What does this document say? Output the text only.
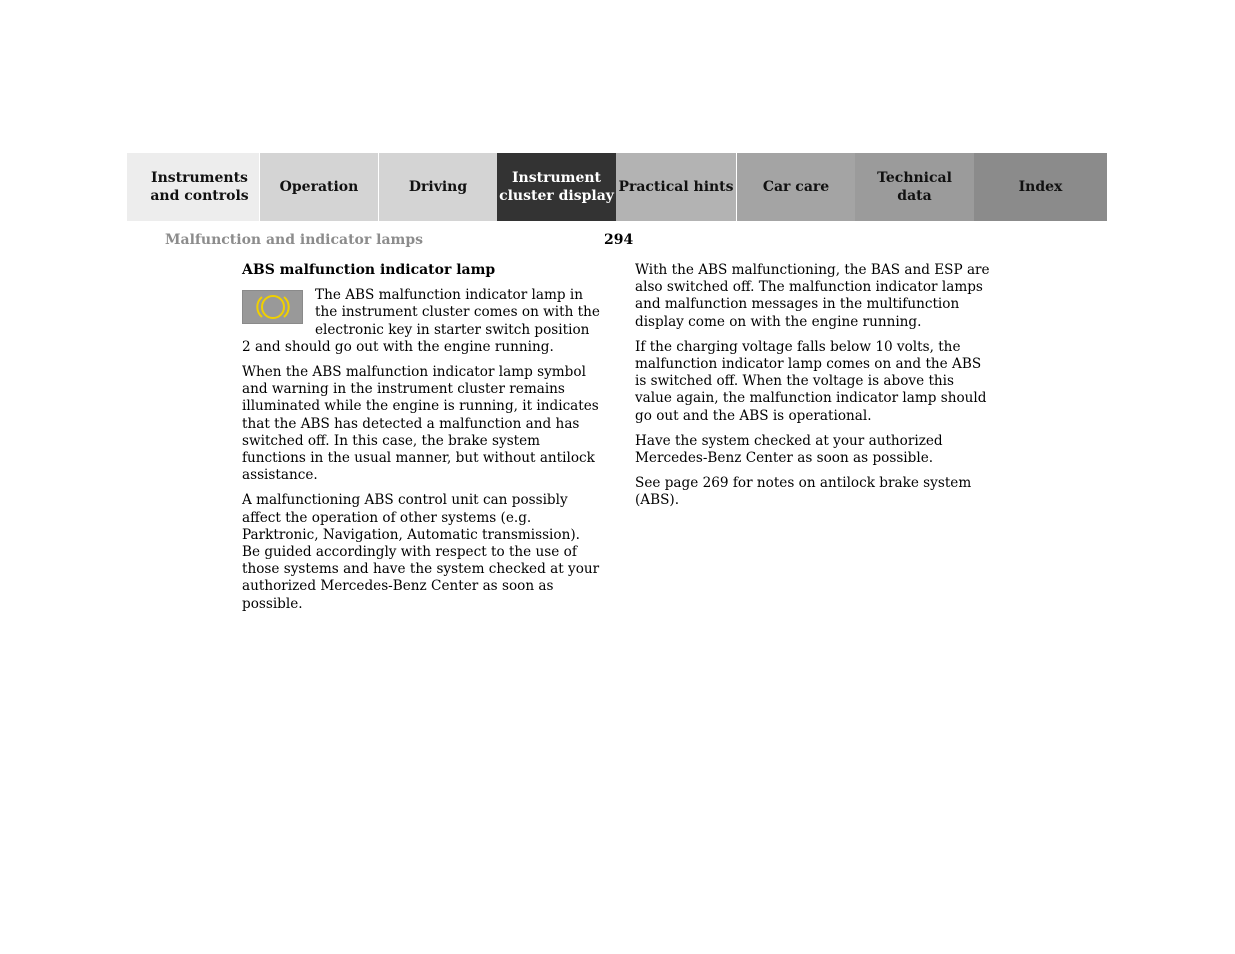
Instruments
and controls
Operation	Driving
Instrument
cluster display
Practical hints Car care
Technical
data
Index
Malfunction and indicator lamps	294
ABS malfunction indicator lamp

The ABS malfunction indicator lamp in the instrument cluster comes on with the electronic key in starter switch position 2 and should go out with the engine running.

When the ABS malfunction indicator lamp symbol and warning in the instrument cluster remains illuminated while the engine is running, it indicates that the ABS has detected a malfunction and has switched off. In this case, the brake system functions in the usual manner, but without antilock assistance.

A malfunctioning ABS control unit can possibly affect the operation of other systems (e.g. Parktronic, Navigation, Automatic transmission). Be guided accordingly with respect to the use of those systems and have the system checked at your authorized Mercedes-Benz Center as soon as possible.

With the ABS malfunctioning, the BAS and ESP are also switched off. The malfunction indicator lamps and malfunction messages in the multifunction display come on with the engine running.

If the charging voltage falls below 10 volts, the malfunction indicator lamp comes on and the ABS is switched off. When the voltage is above this value again, the malfunction indicator lamp should go out and the ABS is operational.

Have the system checked at your authorized Mercedes-Benz Center as soon as possible.

See page 269 for notes on antilock brake system (ABS).
